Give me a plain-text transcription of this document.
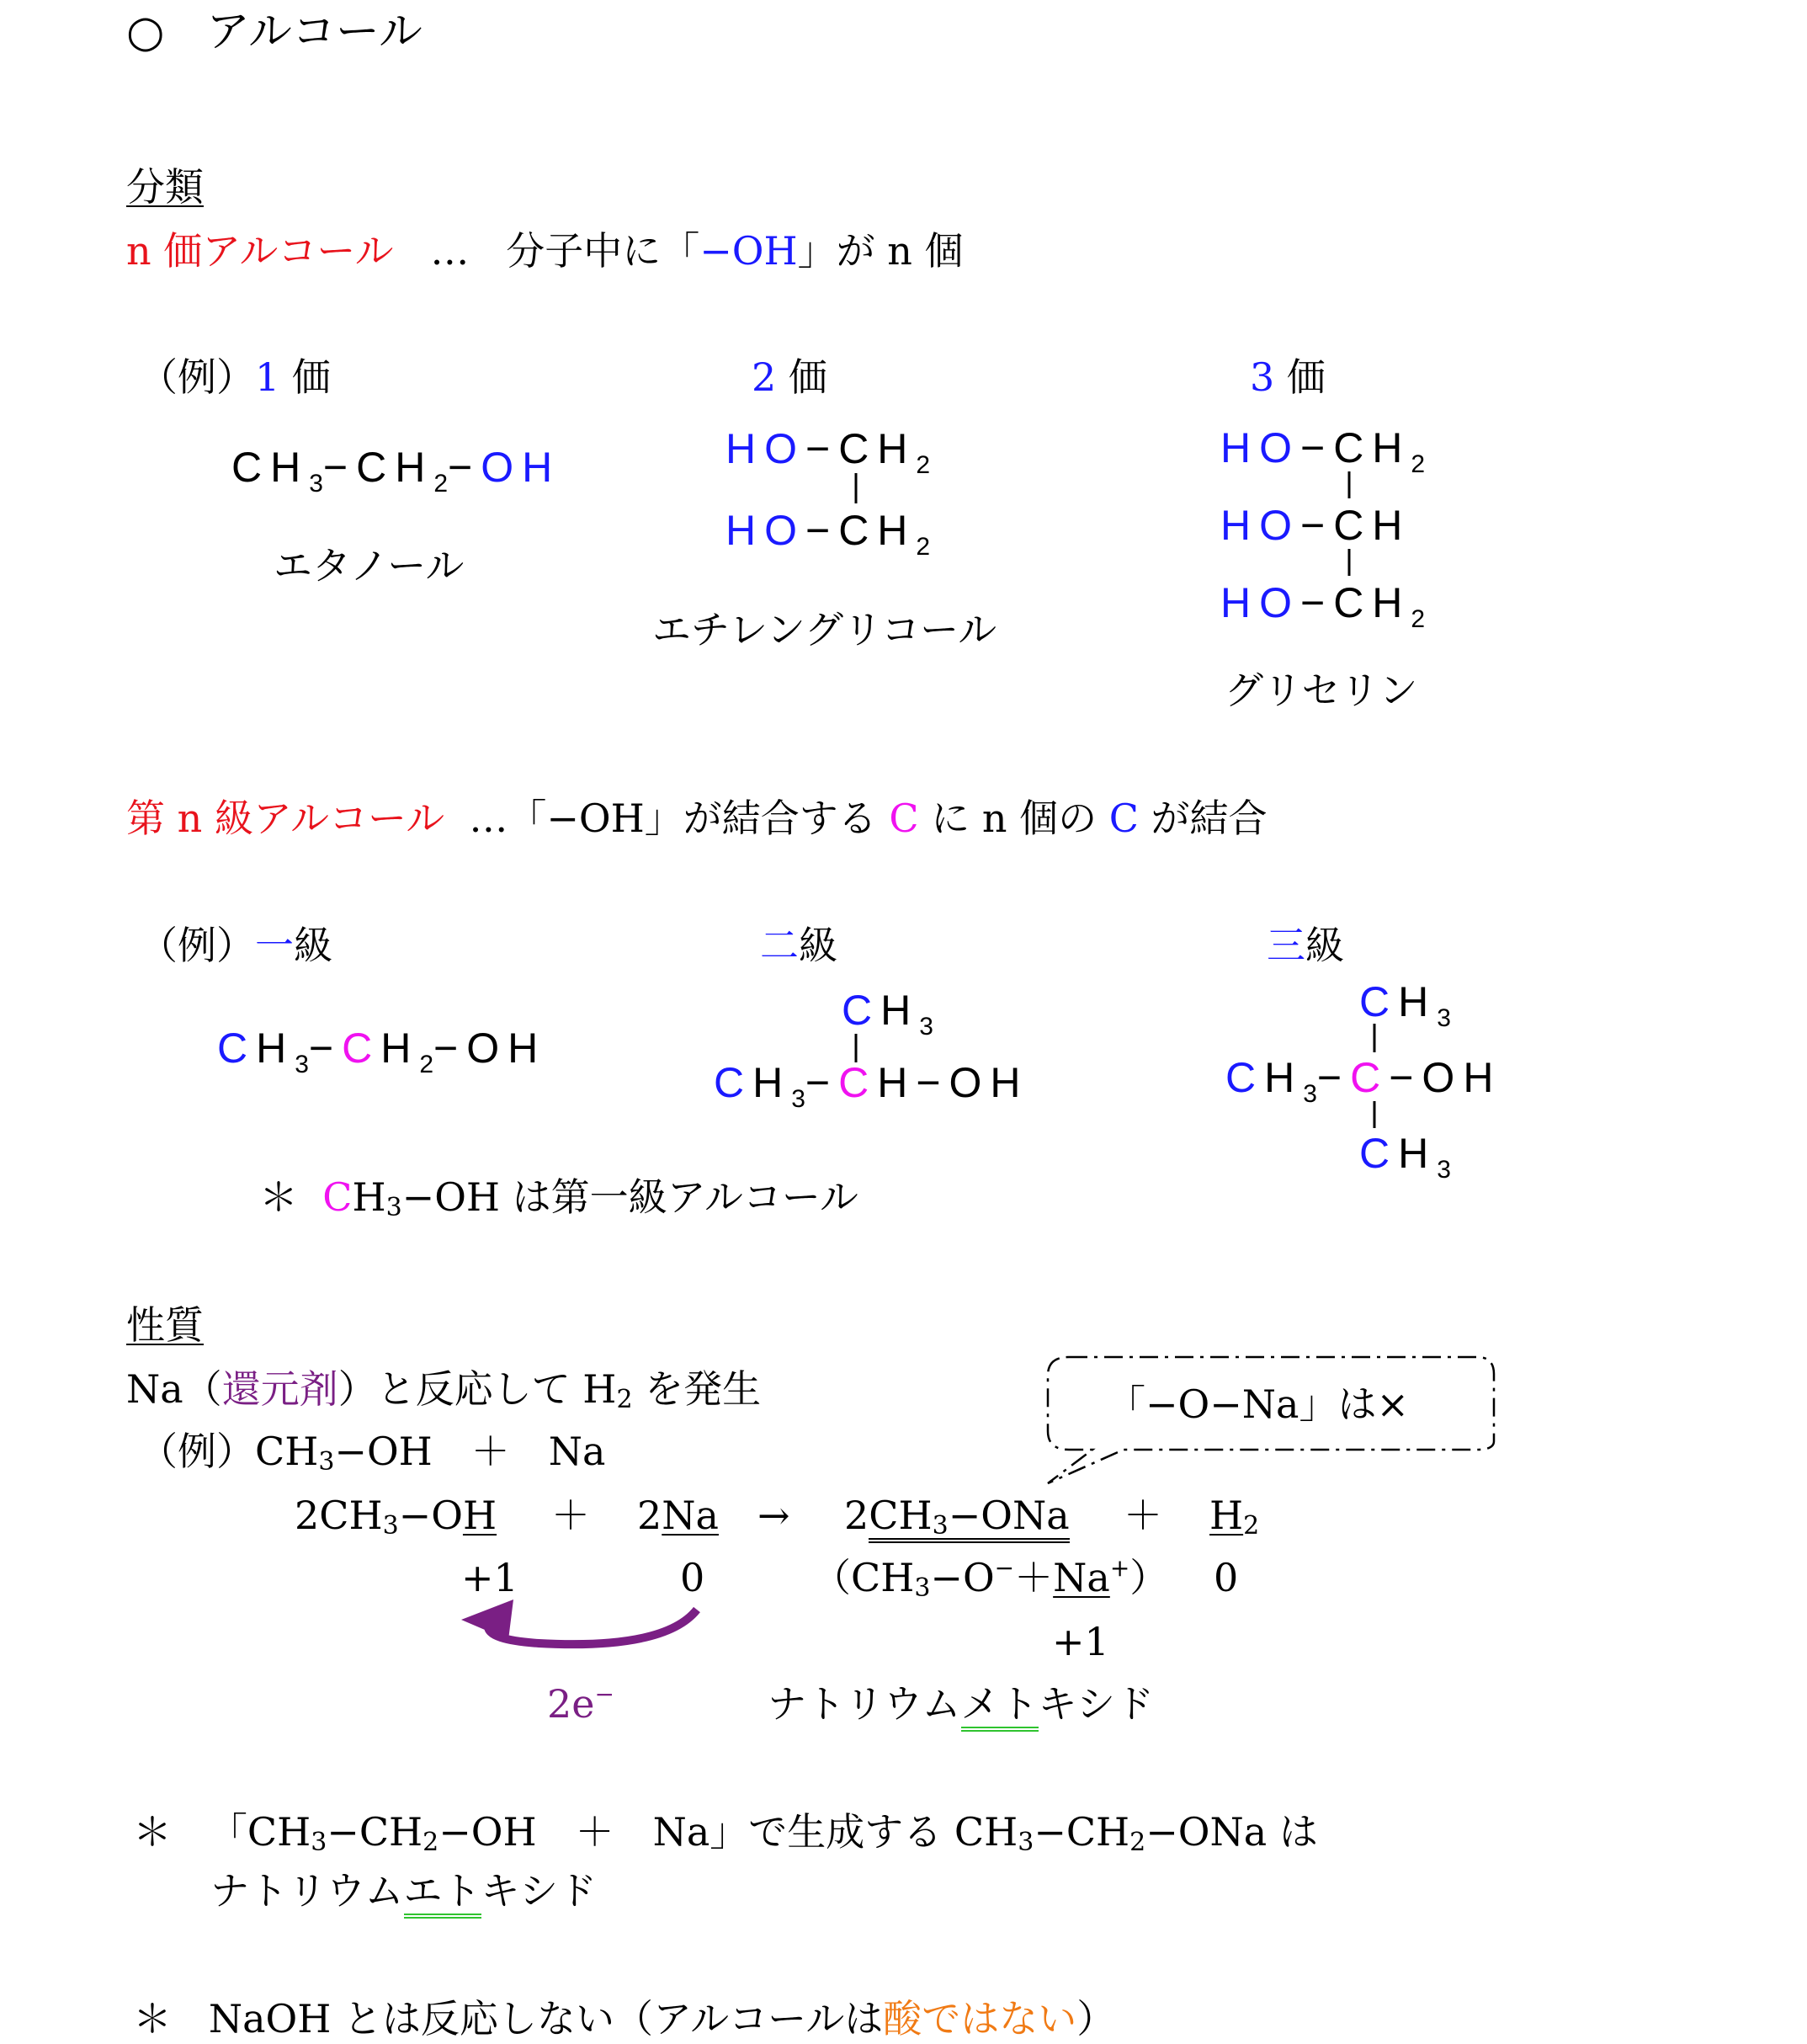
○ アルコール
分類
n 価アルコール … 分子中に「−OH」が n 個
（例）1 価	2 価	3 価
$CH_3-CH_2-OH$
エタノール
$HO-CH_2$
$HO-CH_2$
エチレングリコール
$HO-CH_2$
HO−CH
$HO-CH_2$
グリセリン
第 n 級アルコール …「−OH」が結合する C に n 個の C が結合
（例）一級	二級	三級
$CH_3-CH_2-OH$
$CH_3$
$CH_3-CH-OH$
$CH_3$
$CH_3-C-OH$
$CH_3$
＊ CH3−OH は第一級アルコール
性質
Na（還元剤）と反応して H2 を発生
（例）CH3−OH　＋　Na
「−O−Na」は×
2CH3−OH ＋ 2Na → 2CH3−ONa ＋ H2
+1	0	（CH3−O−＋Na+） 0
+1
2e−	ナトリウムメトキシド
＊ 「CH3−CH2−OH　＋　Na」で生成する CH3−CH2−ONa は
ナトリウムエトキシド
＊ NaOH とは反応しない（アルコールは酸ではない）
